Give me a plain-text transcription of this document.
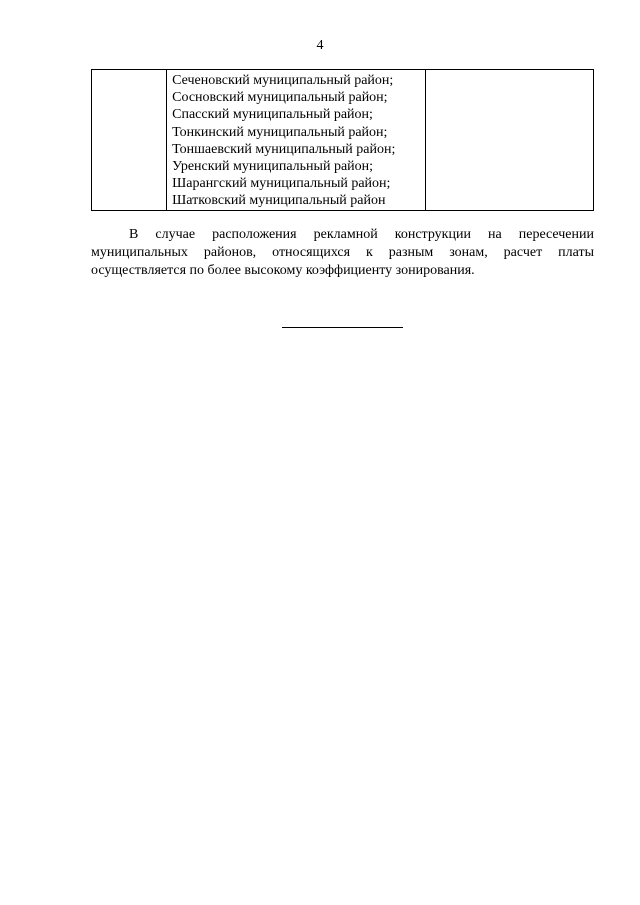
4

Сеченовский муниципальный район;
Сосновский муниципальный район;
Спасский муниципальный район;
Тонкинский муниципальный район;
Тоншаевский муниципальный район;
Уренский муниципальный район;
Шарангский муниципальный район;
Шатковский муниципальный район

В случае расположения рекламной конструкции на пересечении муниципальных районов, относящихся к разным зонам, расчет платы осуществляется по более высокому коэффициенту зонирования.
